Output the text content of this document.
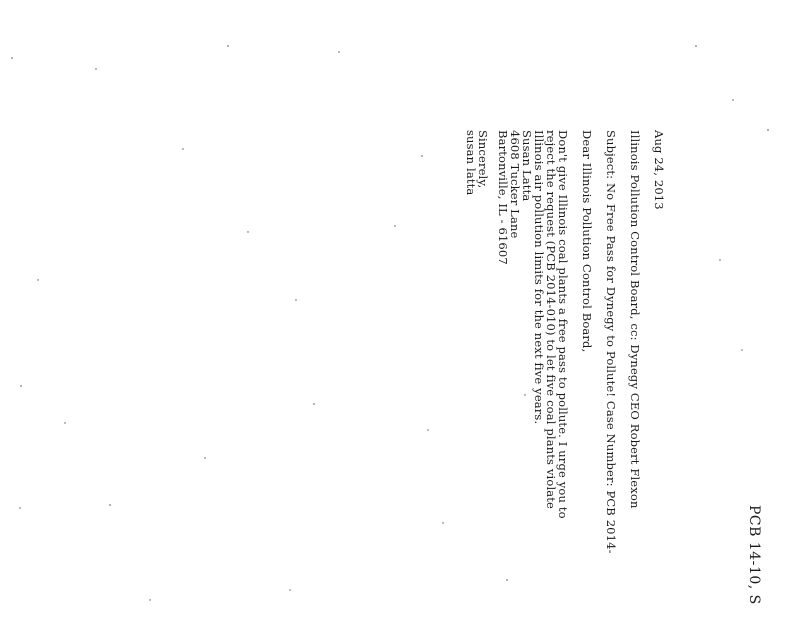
Aug 24, 2013
Illinois Pollution Control Board, cc: Dynegy CEO Robert Flexon
Subject: No Free Pass for Dynegy to Pollute! Case Number: PCB 2014-
Dear Illinois Pollution Control Board,
Don't give Illinois coal plants a free pass to pollute. I urge you to
reject the request (PCB 2014-010) to let five coal plants violate
Illinois air pollution limits for the next five years.
Susan Latta
4608 Tucker Lane
Bartonville, IL - 61607
Sincerely,
susan latta
PCB 14-10, S
